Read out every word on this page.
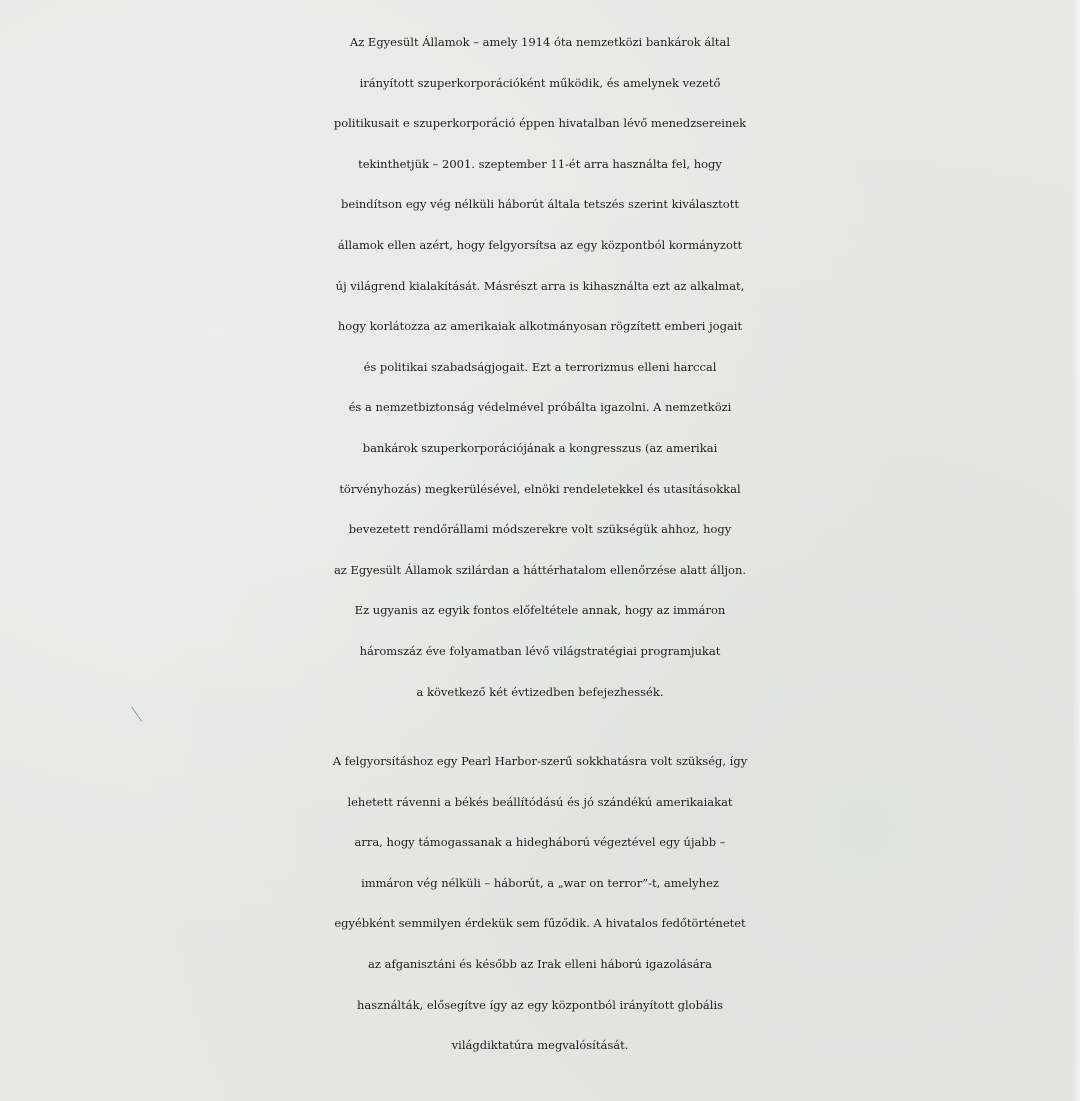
Az Egyesült Államok – amely 1914 óta nemzetközi bankárok által
irányított szuperkorporációként működik, és amelynek vezető
politikusait e szuperkorporáció éppen hivatalban lévő menedzsereinek
tekinthetjük – 2001. szeptember 11-ét arra használta fel, hogy
beindítson egy vég nélküli háborút általa tetszés szerint kiválasztott
államok ellen azért, hogy felgyorsítsa az egy központból kormányzott
új világrend kialakítását. Másrészt arra is kihasználta ezt az alkalmat,
hogy korlátozza az amerikaiak alkotmányosan rögzített emberi jogait
és politikai szabadságjogait. Ezt a terrorizmus elleni harccal
és a nemzetbiztonság védelmével próbálta igazolni. A nemzetközi
bankárok szuperkorporációjának a kongresszus (az amerikai
törvényhozás) megkerülésével, elnöki rendeletekkel és utasításokkal
bevezetett rendőrállami módszerekre volt szükségük ahhoz, hogy
az Egyesült Államok szilárdan a háttérhatalom ellenőrzése alatt álljon.
Ez ugyanis az egyik fontos előfeltétele annak, hogy az immáron
háromszáz éve folyamatban lévő világstratégiai programjukat
a következő két évtizedben befejezhessék.
A felgyorsításhoz egy Pearl Harbor-szerű sokkhatásra volt szükség, így
lehetett rávenni a békés beállítódású és jó szándékú amerikaiakat
arra, hogy támogassanak a hidegháború végeztével egy újabb –
immáron vég nélküli – háborút, a „war on terror”-t, amelyhez
egyébként semmilyen érdekük sem fűződik. A hivatalos fedőtörténetet
az afganisztáni és később az Irak elleni háború igazolására
használták, elősegítve így az egy központból irányított globális
világdiktatúra megvalósítását.
